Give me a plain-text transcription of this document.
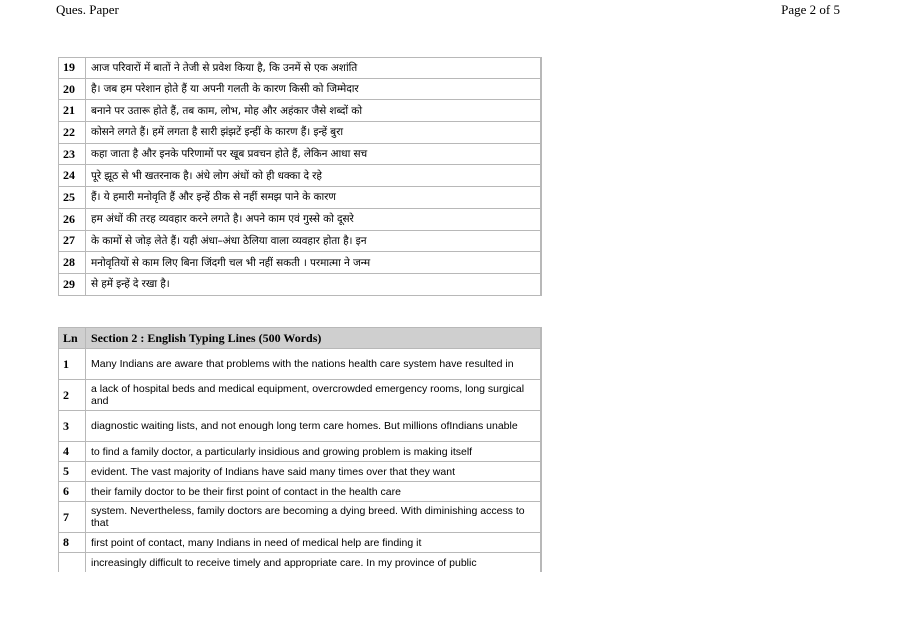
Ques. Paper	Page 2 of 5
19	आज परिवारों में बातों ने तेजी से प्रवेश किया है, कि उनमें से एक अशांति
20	है। जब हम परेशान होते हैं या अपनी गलती के कारण किसी को जिम्मेदार
21	बनाने पर उतारू होते हैं, तब काम, लोभ, मोह और अहंकार जैसे शब्दों को
22	कोसने लगते हैं। हमें लगता है सारी झंझटें इन्हीं के कारण हैं। इन्हें बुरा
23	कहा जाता है और इनके परिणामों पर खूब प्रवचन होते हैं, लेकिन आधा सच
24	पूरे झूठ से भी खतरनाक है। अंधे लोग अंधों को ही धक्का दे रहे
25	हैं। ये हमारी मनोवृति हैं और इन्हें ठीक से नहीं समझ पाने के कारण
26	हम अंधों की तरह व्यवहार करने लगते है। अपने काम एवं गुस्से को दूसरे
27	के कामों से जोड़ लेते हैं। यही अंधा–अंधा ठेलिया वाला व्यवहार होता है। इन
28	मनोवृतियों से काम लिए बिना जिंदगी चल भी नहीं सकती । परमात्मा ने जन्म
29	से हमें इन्हें दे रखा है।
Ln	Section 2 : English Typing Lines (500 Words)
1	Many Indians are aware that problems with the nations health care system have resulted in
2	a lack of hospital beds and medical equipment, overcrowded emergency rooms, long surgical and
3	diagnostic waiting lists, and not enough long term care homes. But millions ofIndians unable
4	to find a family doctor, a particularly insidious and growing problem is making itself
5	evident. The vast majority of Indians have said many times over that they want
6	their family doctor to be their first point of contact in the health care
7	system. Nevertheless, family doctors are becoming a dying breed. With diminishing access to that
8	first point of contact, many Indians in need of medical help are finding it
	increasingly difficult to receive timely and appropriate care. In my province of public
